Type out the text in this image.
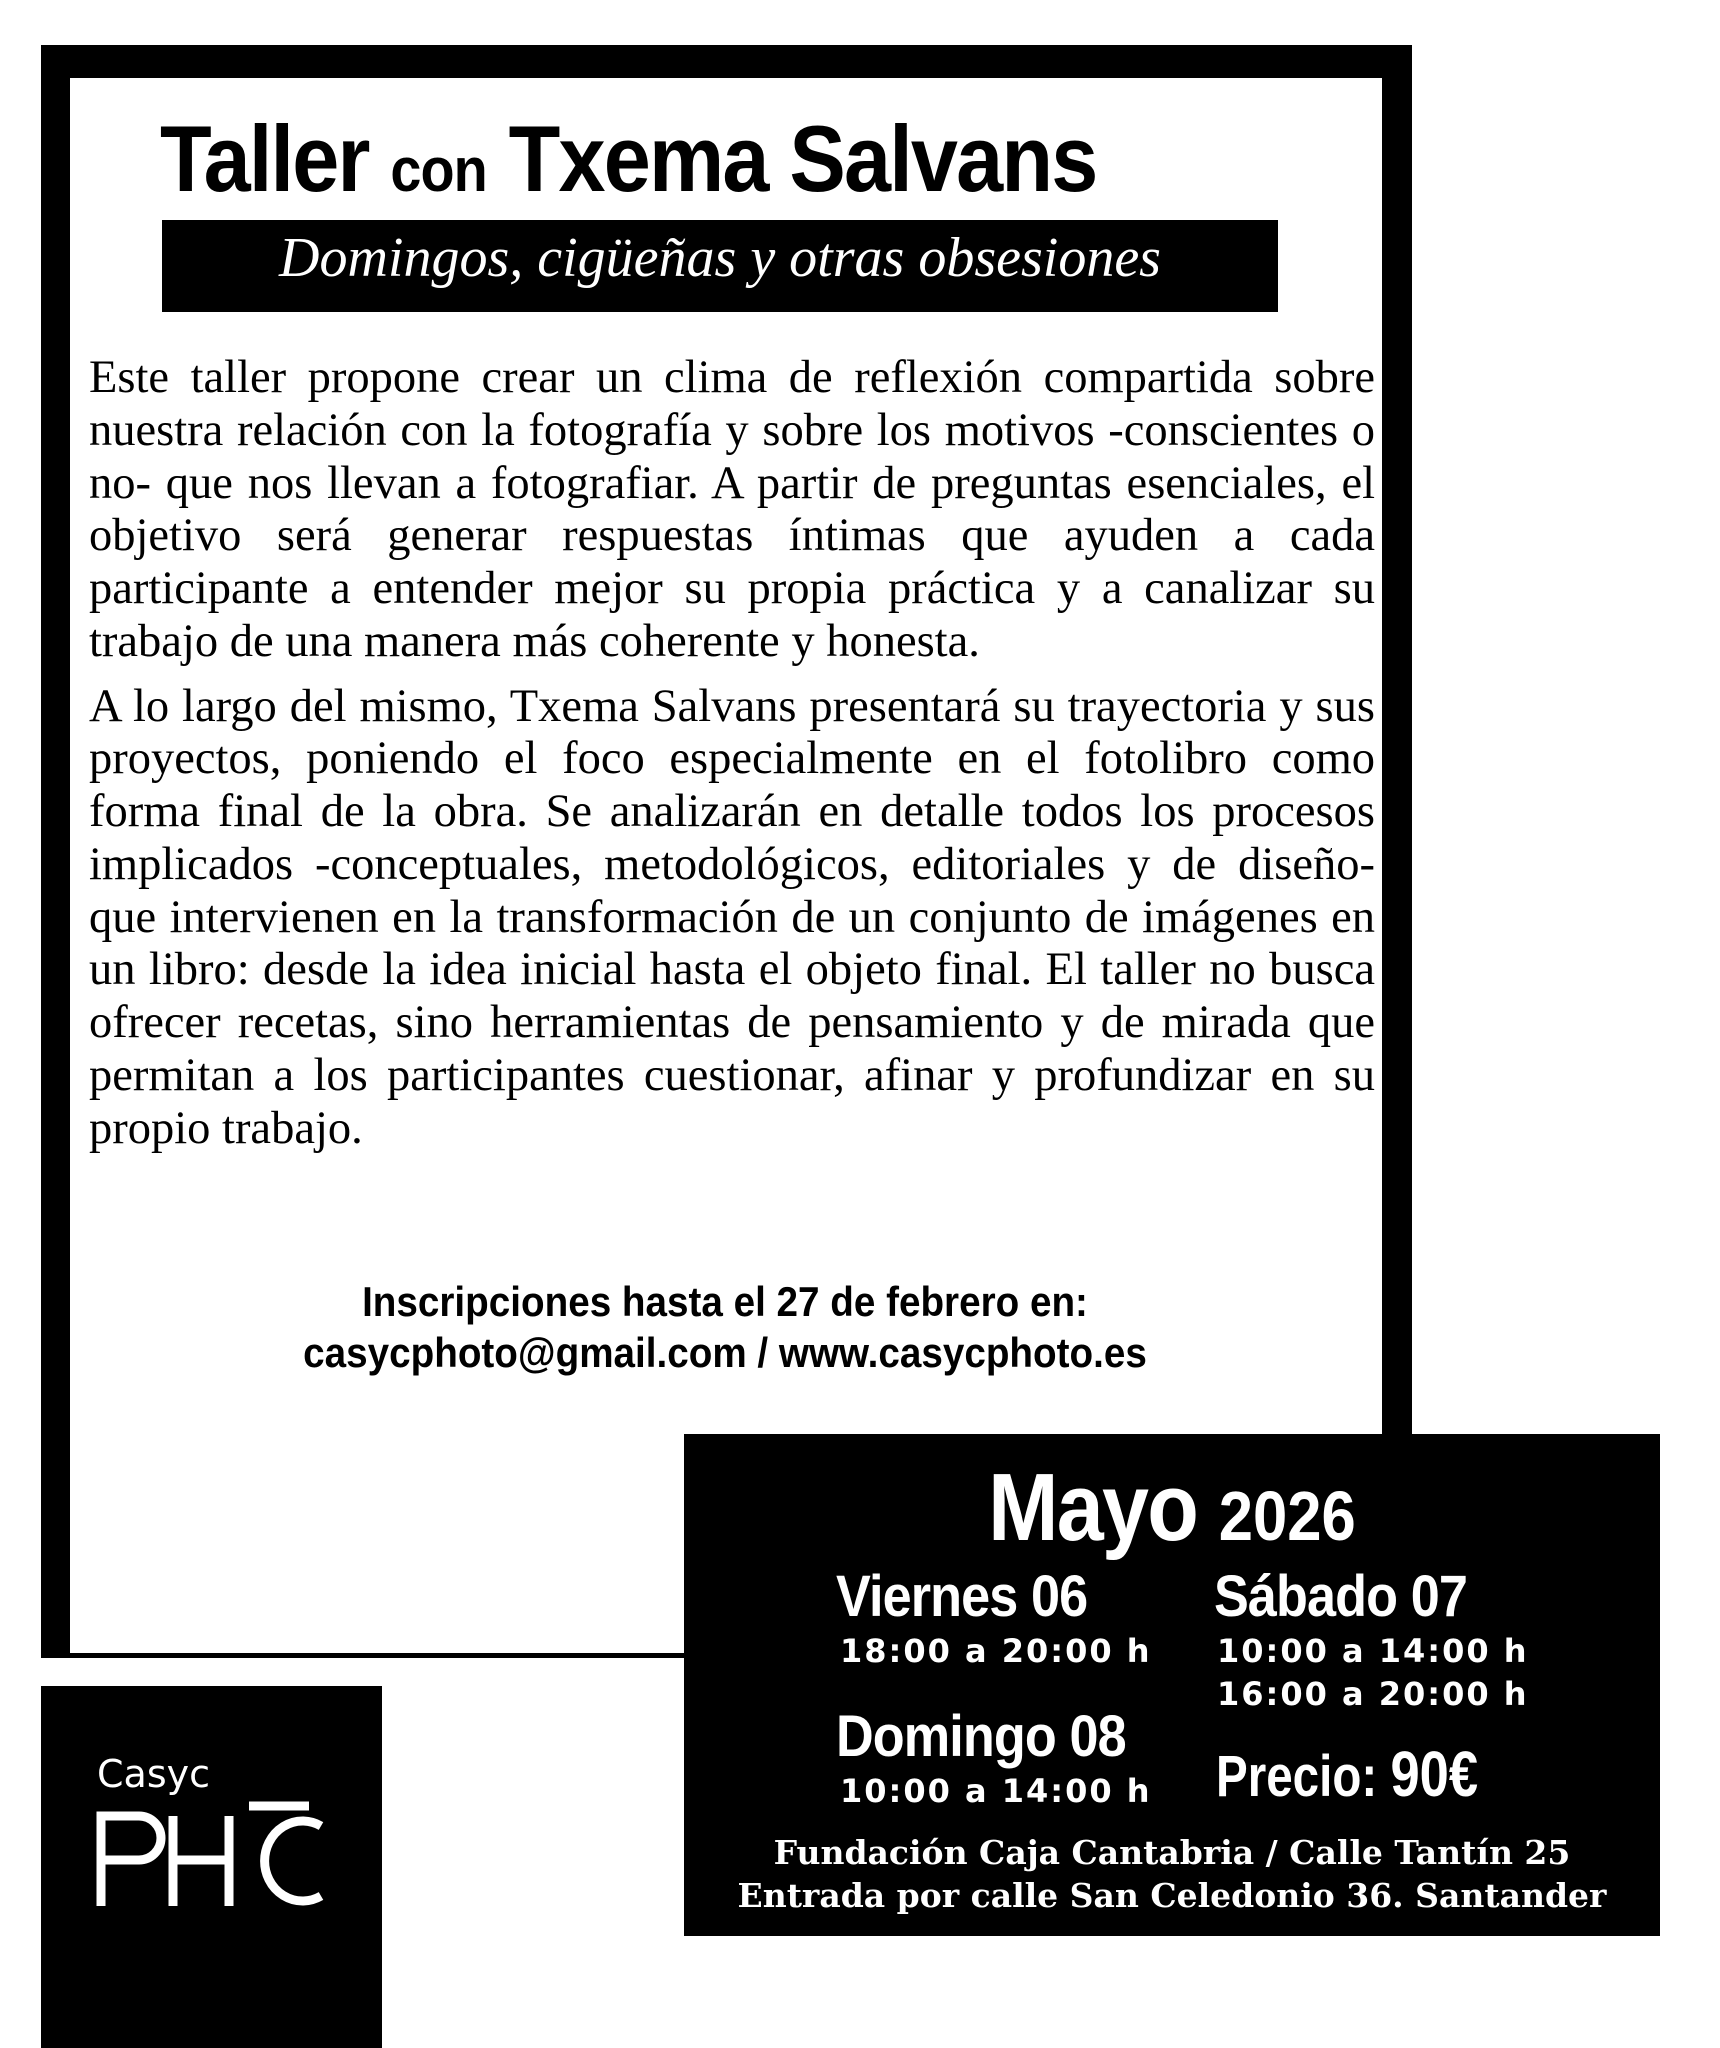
Taller con Txema Salvans
Domingos, cigüeñas y otras obsesiones

Este taller propone crear un clima de reflexión compartida sobre nuestra relación con la fotografía y sobre los motivos -conscientes o no- que nos llevan a fotografiar. A partir de preguntas esenciales, el objetivo será generar respuestas íntimas que ayuden a cada participante a entender mejor su propia práctica y a canalizar su trabajo de una manera más coherente y honesta.

A lo largo del mismo, Txema Salvans presentará su trayectoria y sus proyectos, poniendo el foco especialmente en el fotolibro como forma final de la obra. Se analizarán en detalle todos los procesos implicados -conceptuales, metodológicos, editoriales y de diseño- que intervienen en la transformación de un conjunto de imágenes en un libro: desde la idea inicial hasta el objeto final. El taller no busca ofrecer recetas, sino herramientas de pensamiento y de mirada que permitan a los participantes cuestionar, afinar y profundizar en su propio trabajo.

Inscripciones hasta el 27 de febrero en:
casycphoto@gmail.com / www.casycphoto.es
Casyc
Mayo 2026
Viernes 06
18:00 a 20:00 h
Sábado 07
10:00 a 14:00 h
16:00 a 20:00 h
Domingo 08
10:00 a 14:00 h Precio: 90€
Fundación Caja Cantabria / Calle Tantín 25
Entrada por calle San Celedonio 36. Santander
